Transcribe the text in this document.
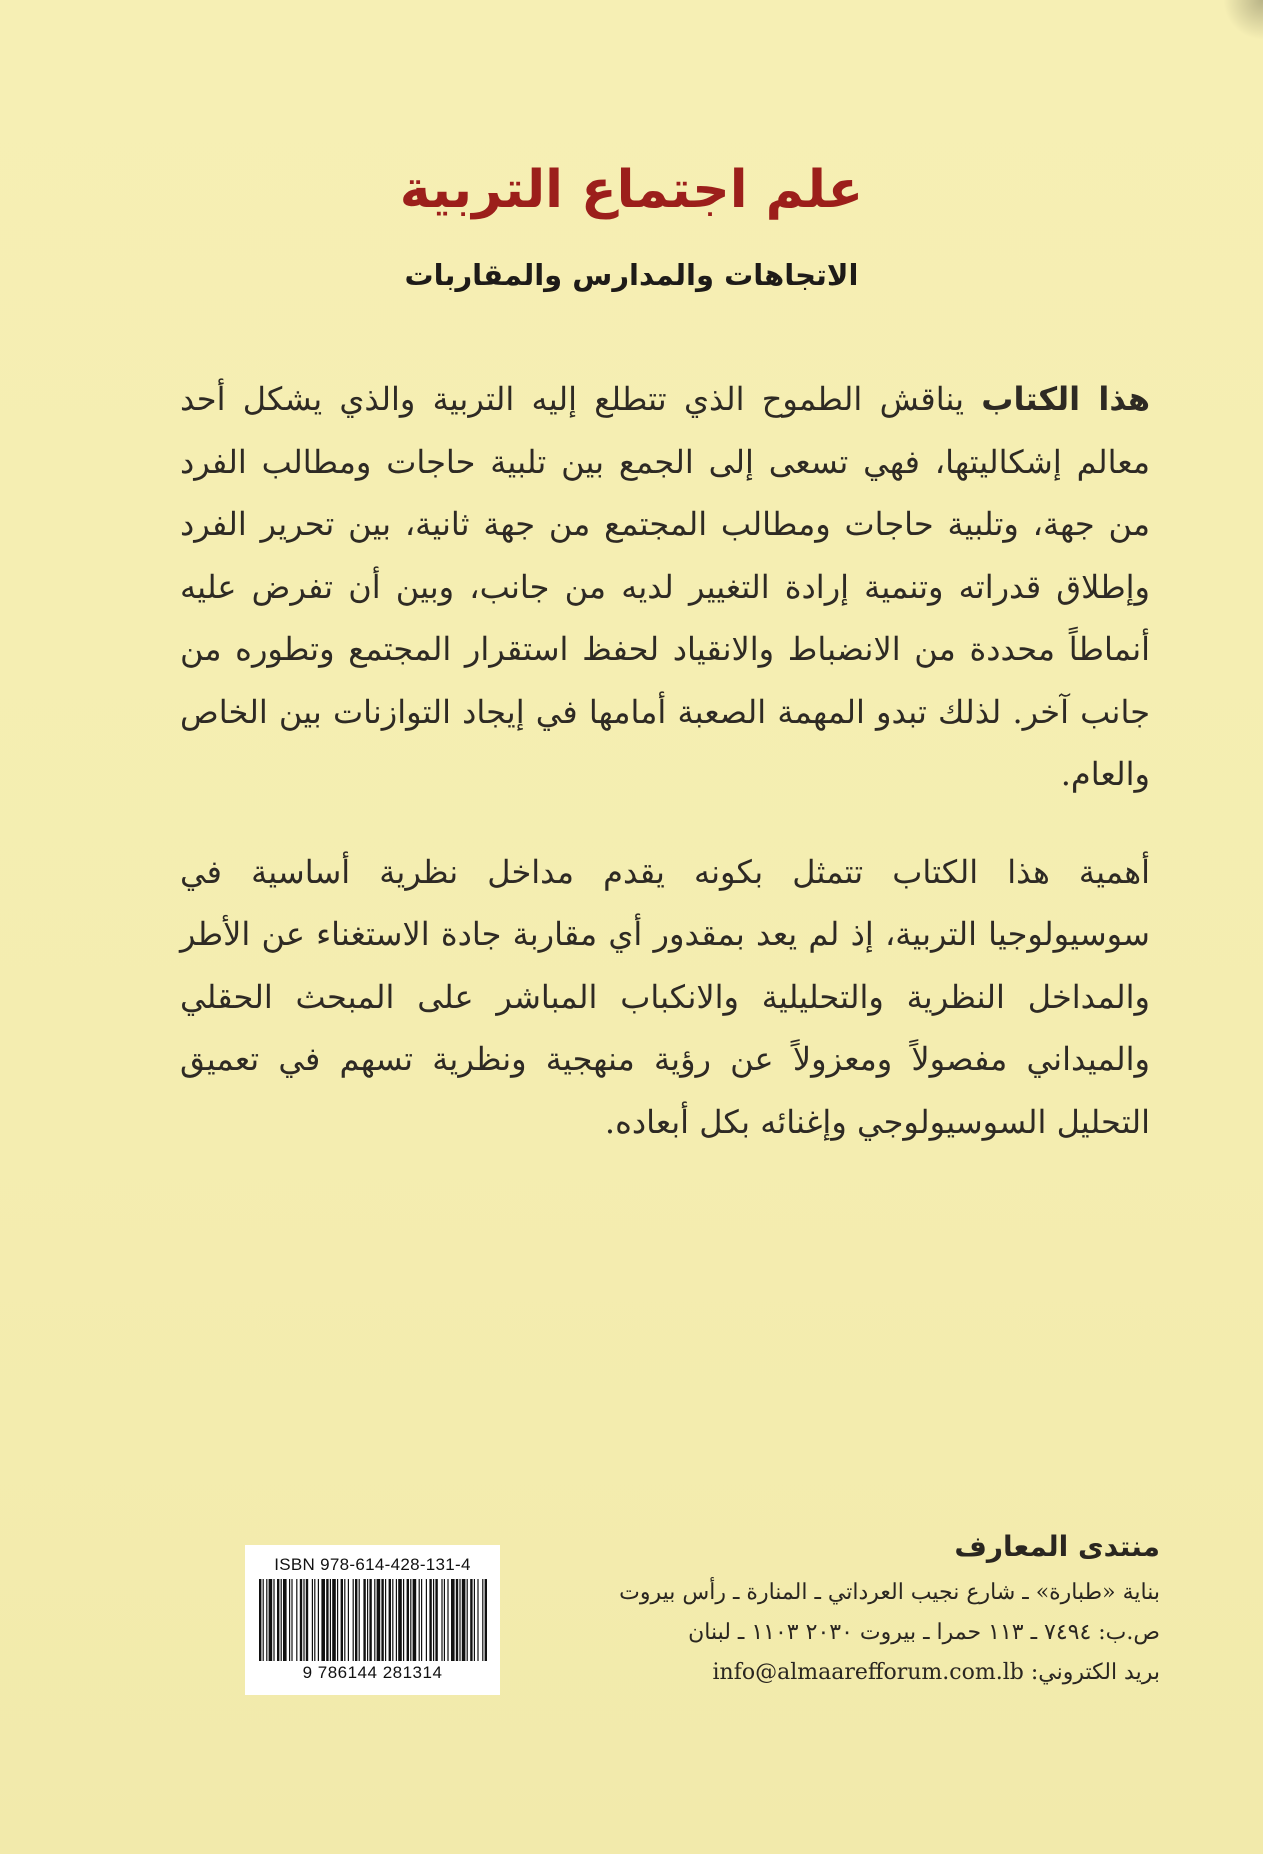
علم اجتماع التربية
الاتجاهات والمدارس والمقاربات

هذا الكتاب يناقش الطموح الذي تتطلع إليه التربية والذي يشكل أحد معالم إشكاليتها، فهي تسعى إلى الجمع بين تلبية حاجات ومطالب الفرد من جهة، وتلبية حاجات ومطالب المجتمع من جهة ثانية، بين تحرير الفرد وإطلاق قدراته وتنمية إرادة التغيير لديه من جانب، وبين أن تفرض عليه أنماطاً محددة من الانضباط والانقياد لحفظ استقرار المجتمع وتطوره من جانب آخر. لذلك تبدو المهمة الصعبة أمامها في إيجاد التوازنات بين الخاص والعام.

أهمية هذا الكتاب تتمثل بكونه يقدم مداخل نظرية أساسية في سوسيولوجيا التربية، إذ لم يعد بمقدور أي مقاربة جادة الاستغناء عن الأطر والمداخل النظرية والتحليلية والانكباب المباشر على المبحث الحقلي والميداني مفصولاً ومعزولاً عن رؤية منهجية ونظرية تسهم في تعميق التحليل السوسيولوجي وإغنائه بكل أبعاده.

ISBN 978-614-428-131-4
9 786144 281314
منتدى المعارف
بناية «طبارة» ـ شارع نجيب العرداتي ـ المنارة ـ رأس بيروت
ص.ب: ٧٤٩٤ ـ ١١٣ حمرا ـ بيروت ٢٠٣٠ ١١٠٣ ـ لبنان
بريد الكتروني: info@almaarefforum.com.lb
